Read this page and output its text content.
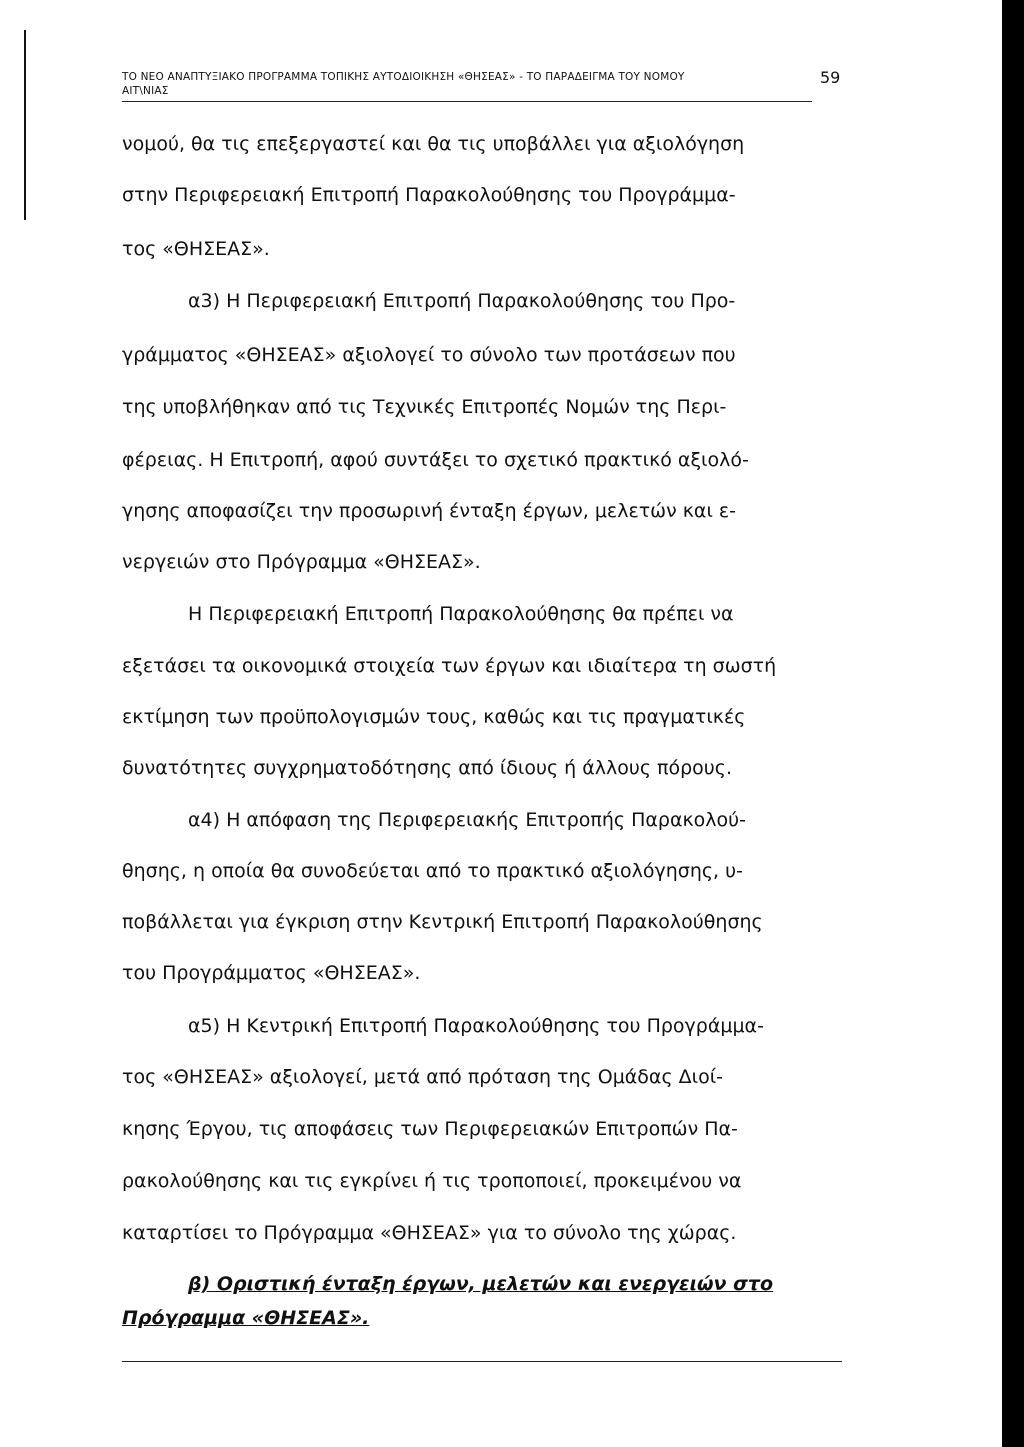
ΤΟ ΝΕΟ ΑΝΑΠΤΥΞΙΑΚΟ ΠΡΟΓΡΑΜΜΑ ΤΟΠΙΚΗΣ ΑΥΤΟΔΙΟΙΚΗΣΗ «ΘΗΣΕΑΣ» - ΤΟ ΠΑΡΑΔΕΙΓΜΑ ΤΟΥ ΝΟΜΟΥ
ΑΙΤ\ΝΙΑΣ
59
νομού, θα τις επεξεργαστεί και θα τις υποβάλλει για αξιολόγηση
στην Περιφερειακή Επιτροπή Παρακολούθησης του Προγράμμα-
τος «ΘΗΣΕΑΣ».
α3) Η Περιφερειακή Επιτροπή Παρακολούθησης του Προ-
γράμματος «ΘΗΣΕΑΣ» αξιολογεί το σύνολο των προτάσεων που
της υποβλήθηκαν από τις Τεχνικές Επιτροπές Νομών της Περι-
φέρειας. Η Επιτροπή, αφού συντάξει το σχετικό πρακτικό αξιολό-
γησης αποφασίζει την προσωρινή ένταξη έργων, μελετών και ε-
νεργειών στο Πρόγραμμα «ΘΗΣΕΑΣ».
Η Περιφερειακή Επιτροπή Παρακολούθησης θα πρέπει να
εξετάσει τα οικονομικά στοιχεία των έργων και ιδιαίτερα τη σωστή
εκτίμηση των προϋπολογισμών τους, καθώς και τις πραγματικές
δυνατότητες συγχρηματοδότησης από ίδιους ή άλλους πόρους.
α4) Η απόφαση της Περιφερειακής Επιτροπής Παρακολού-
θησης, η οποία θα συνοδεύεται από το πρακτικό αξιολόγησης, υ-
ποβάλλεται για έγκριση στην Κεντρική Επιτροπή Παρακολούθησης
του Προγράμματος «ΘΗΣΕΑΣ».
α5) Η Κεντρική Επιτροπή Παρακολούθησης του Προγράμμα-
τος «ΘΗΣΕΑΣ» αξιολογεί, μετά από πρόταση της Ομάδας Διοί-
κησης Έργου, τις αποφάσεις των Περιφερειακών Επιτροπών Πα-
ρακολούθησης και τις εγκρίνει ή τις τροποποιεί, προκειμένου να
καταρτίσει το Πρόγραμμα «ΘΗΣΕΑΣ» για το σύνολο της χώρας.
β) Οριστική ένταξη έργων, μελετών και ενεργειών στο
Πρόγραμμα «ΘΗΣΕΑΣ».
